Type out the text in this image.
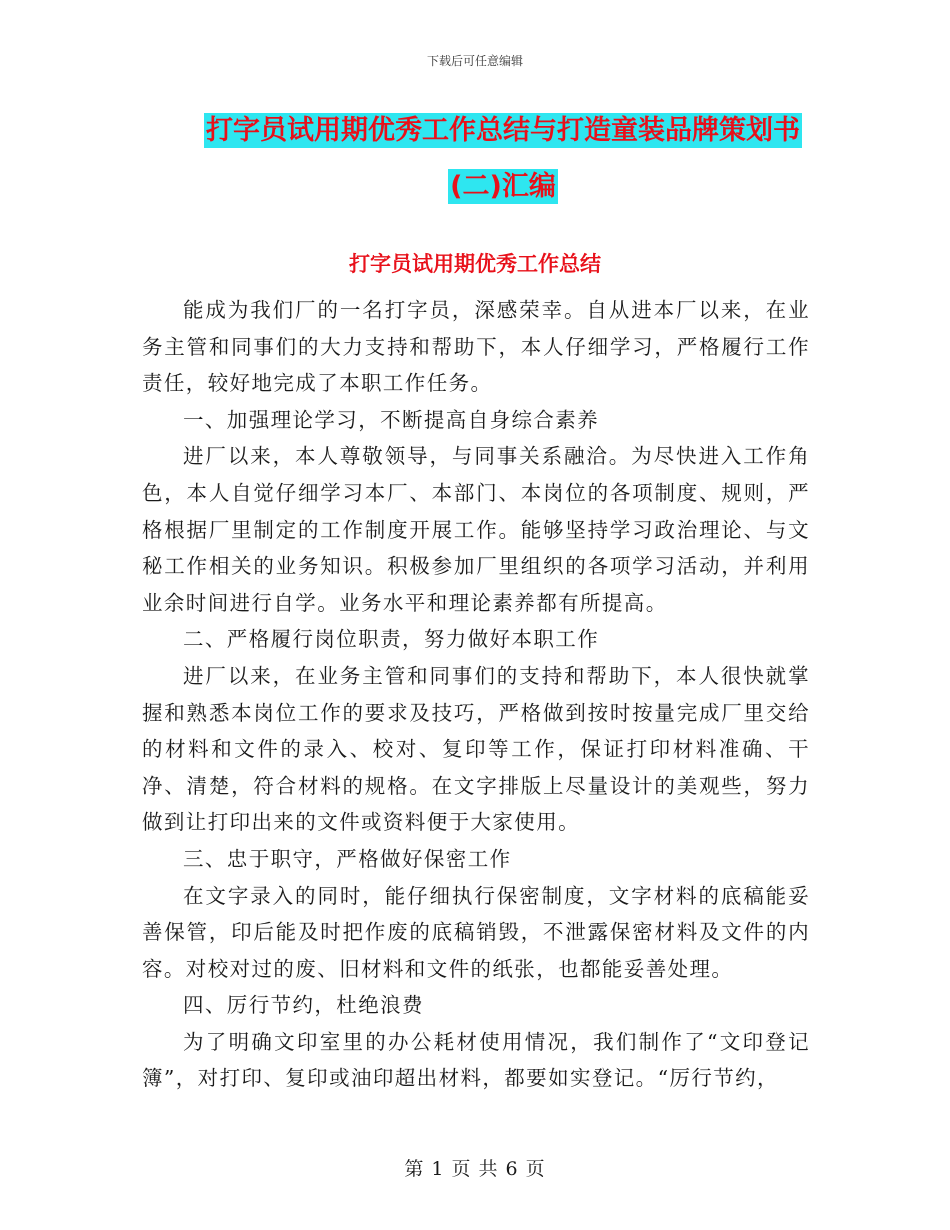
下载后可任意编辑
打字员试用期优秀工作总结与打造童装品牌策划书
(二)汇编
打字员试用期优秀工作总结

能成为我们厂的一名打字员，深感荣幸。自从进本厂以来，在业务主管和同事们的大力支持和帮助下，本人仔细学习，严格履行工作责任，较好地完成了本职工作任务。

一、加强理论学习，不断提高自身综合素养

进厂以来，本人尊敬领导，与同事关系融洽。为尽快进入工作角色，本人自觉仔细学习本厂、本部门、本岗位的各项制度、规则，严格根据厂里制定的工作制度开展工作。能够坚持学习政治理论、与文秘工作相关的业务知识。积极参加厂里组织的各项学习活动，并利用业余时间进行自学。业务水平和理论素养都有所提高。

二、严格履行岗位职责，努力做好本职工作

进厂以来，在业务主管和同事们的支持和帮助下，本人很快就掌握和熟悉本岗位工作的要求及技巧，严格做到按时按量完成厂里交给的材料和文件的录入、校对、复印等工作，保证打印材料准确、干净、清楚，符合材料的规格。在文字排版上尽量设计的美观些，努力做到让打印出来的文件或资料便于大家使用。

三、忠于职守，严格做好保密工作

在文字录入的同时，能仔细执行保密制度，文字材料的底稿能妥善保管，印后能及时把作废的底稿销毁，不泄露保密材料及文件的内容。对校对过的废、旧材料和文件的纸张，也都能妥善处理。

四、厉行节约，杜绝浪费

为了明确文印室里的办公耗材使用情况，我们制作了“文印登记簿”，对打印、复印或油印超出材料，都要如实登记。“厉行节约，

第 1 页 共 6 页
